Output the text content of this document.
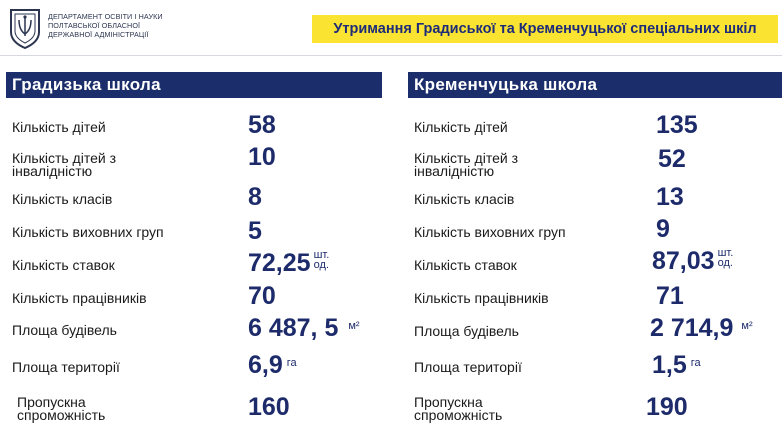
ДЕПАРТАМЕНТ ОСВІТИ І НАУКИ
ПОЛТАВСЬКОЇ ОБЛАСНОЇ
ДЕРЖАВНОЇ АДМІНІСТРАЦІЇ	Утримання Градиської та Кременчуцької спеціальних шкіл
Градизька школа
Кількість дітей	58
Кількість дітей з інвалідністю	10
Кількість класів	8
Кількість виховних груп	5
Кількість ставок	72,25 шт.
од.
Кількість працівників	70
Площа будівель	6 487, 5 м²
Площа території	6,9 га
Пропускна спроможність	160
Кременчуцька школа
Кількість дітей	135
Кількість дітей з інвалідністю	52
Кількість класів	13
Кількість виховних груп	9
Кількість ставок	87,03 шт.
од.
Кількість працівників	71
Площа будівель	2 714,9 м²
Площа території	1,5 га
Пропускна спроможність	190
